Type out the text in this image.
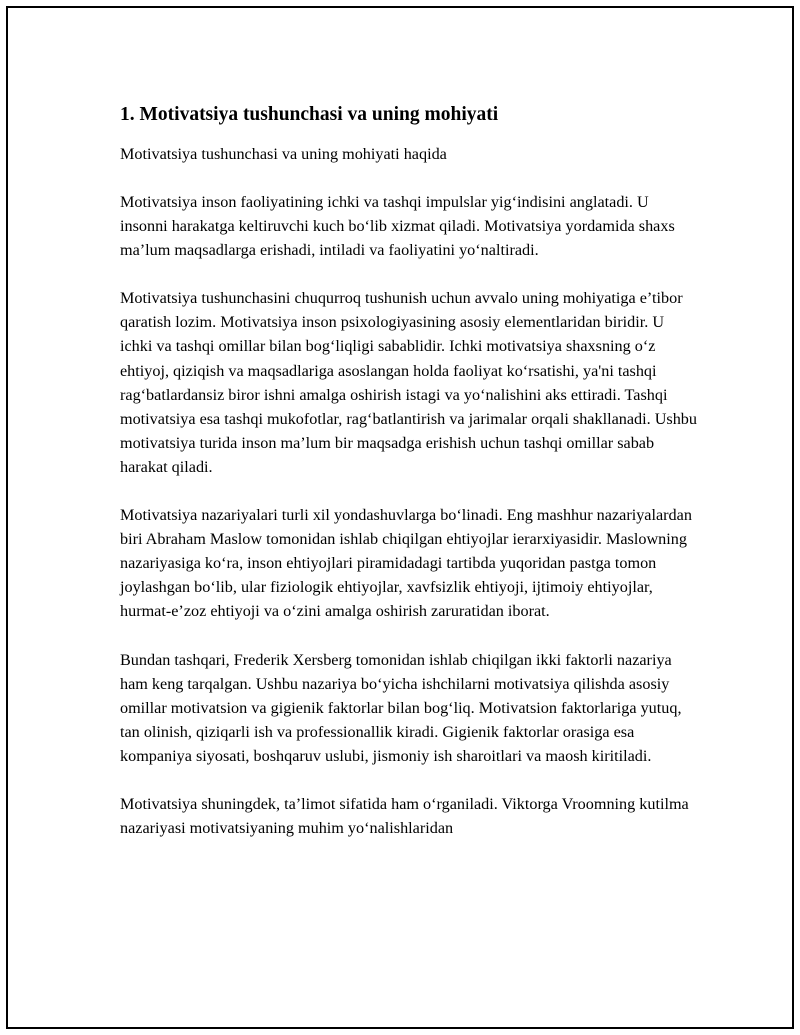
1. Motivatsiya tushunchasi va uning mohiyati

Motivatsiya tushunchasi va uning mohiyati haqida

Motivatsiya inson faoliyatining ichki va tashqi impulslar yig‘indisini anglatadi. U insonni harakatga keltiruvchi kuch bo‘lib xizmat qiladi. Motivatsiya yordamida shaxs ma’lum maqsadlarga erishadi, intiladi va faoliyatini yo‘naltiradi.

Motivatsiya tushunchasini chuqurroq tushunish uchun avvalo uning mohiyatiga e’tibor qaratish lozim. Motivatsiya inson psixologiyasining asosiy elementlaridan biridir. U ichki va tashqi omillar bilan bog‘liqligi sabablidir. Ichki motivatsiya shaxsning o‘z ehtiyoj, qiziqish va maqsadlariga asoslangan holda faoliyat ko‘rsatishi, ya'ni tashqi rag‘batlardansiz biror ishni amalga oshirish istagi va yo‘nalishini aks ettiradi. Tashqi motivatsiya esa tashqi mukofotlar, rag‘batlantirish va jarimalar orqali shakllanadi. Ushbu motivatsiya turida inson ma’lum bir maqsadga erishish uchun tashqi omillar sabab harakat qiladi.

Motivatsiya nazariyalari turli xil yondashuvlarga bo‘linadi. Eng mashhur nazariyalardan biri Abraham Maslow tomonidan ishlab chiqilgan ehtiyojlar ierarxiyasidir. Maslowning nazariyasiga ko‘ra, inson ehtiyojlari piramidadagi tartibda yuqoridan pastga tomon joylashgan bo‘lib, ular fiziologik ehtiyojlar, xavfsizlik ehtiyoji, ijtimoiy ehtiyojlar, hurmat-e’zoz ehtiyoji va o‘zini amalga oshirish zaruratidan iborat.

Bundan tashqari, Frederik Xersberg tomonidan ishlab chiqilgan ikki faktorli nazariya ham keng tarqalgan. Ushbu nazariya bo‘yicha ishchilarni motivatsiya qilishda asosiy omillar motivatsion va gigienik faktorlar bilan bog‘liq. Motivatsion faktorlariga yutuq, tan olinish, qiziqarli ish va professionallik kiradi. Gigienik faktorlar orasiga esa kompaniya siyosati, boshqaruv uslubi, jismoniy ish sharoitlari va maosh kiritiladi.

Motivatsiya shuningdek, ta’limot sifatida ham o‘rganiladi. Viktorga Vroomning kutilma nazariyasi motivatsiyaning muhim yo‘nalishlaridan
